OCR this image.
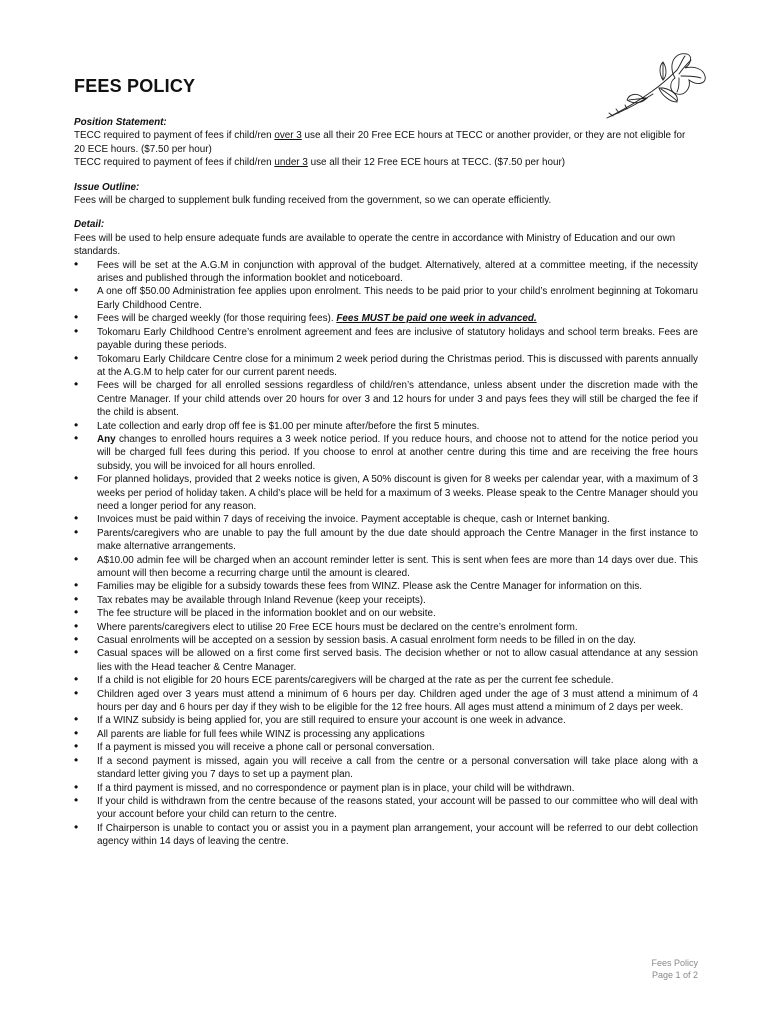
FEES POLICY

Position Statement:

TECC required to payment of fees if child/ren over 3 use all their 20 Free ECE hours at TECC or another provider, or they are not eligible for 20 ECE hours. ($7.50 per hour)

TECC required to payment of fees if child/ren under 3 use all their 12 Free ECE hours at TECC. ($7.50 per hour)

Issue Outline:

Fees will be charged to supplement bulk funding received from the government, so we can operate efficiently.

Detail:

Fees will be used to help ensure adequate funds are available to operate the centre in accordance with Ministry of Education and our own standards.

• Fees will be set at the A.G.M in conjunction with approval of the budget. Alternatively, altered at a committee meeting, if the necessity arises and published through the information booklet and noticeboard.
• A one off $50.00 Administration fee applies upon enrolment. This needs to be paid prior to your child’s enrolment beginning at Tokomaru Early Childhood Centre.
• Fees will be charged weekly (for those requiring fees). Fees MUST be paid one week in advanced.
• Tokomaru Early Childhood Centre’s enrolment agreement and fees are inclusive of statutory holidays and school term breaks. Fees are payable during these periods.
• Tokomaru Early Childcare Centre close for a minimum 2 week period during the Christmas period. This is discussed with parents annually at the A.G.M to help cater for our current parent needs.
• Fees will be charged for all enrolled sessions regardless of child/ren’s attendance, unless absent under the discretion made with the Centre Manager. If your child attends over 20 hours for over 3 and 12 hours for under 3 and pays fees they will still be charged the fee if the child is absent.
• Late collection and early drop off fee is $1.00 per minute after/before the first 5 minutes.
• Any changes to enrolled hours requires a 3 week notice period. If you reduce hours, and choose not to attend for the notice period you will be charged full fees during this period. If you choose to enrol at another centre during this time and are receiving the free hours subsidy, you will be invoiced for all hours enrolled.
• For planned holidays, provided that 2 weeks notice is given, A 50% discount is given for 8 weeks per calendar year, with a maximum of 3 weeks per period of holiday taken. A child’s place will be held for a maximum of 3 weeks. Please speak to the Centre Manager should you need a longer period for any reason.
• Invoices must be paid within 7 days of receiving the invoice. Payment acceptable is cheque, cash or Internet banking.
• Parents/caregivers who are unable to pay the full amount by the due date should approach the Centre Manager in the first instance to make alternative arrangements.
• A$10.00 admin fee will be charged when an account reminder letter is sent. This is sent when fees are more than 14 days over due. This amount will then become a recurring charge until the amount is cleared.
• Families may be eligible for a subsidy towards these fees from WINZ. Please ask the Centre Manager for information on this.
• Tax rebates may be available through Inland Revenue (keep your receipts).
• The fee structure will be placed in the information booklet and on our website.
• Where parents/caregivers elect to utilise 20 Free ECE hours must be declared on the centre’s enrolment form.
• Casual enrolments will be accepted on a session by session basis. A casual enrolment form needs to be filled in on the day.
• Casual spaces will be allowed on a first come first served basis. The decision whether or not to allow casual attendance at any session lies with the Head teacher & Centre Manager.
• If a child is not eligible for 20 hours ECE parents/caregivers will be charged at the rate as per the current fee schedule.
• Children aged over 3 years must attend a minimum of 6 hours per day. Children aged under the age of 3 must attend a minimum of 4 hours per day and 6 hours per day if they wish to be eligible for the 12 free hours. All ages must attend a minimum of 2 days per week.
• If a WINZ subsidy is being applied for, you are still required to ensure your account is one week in advance.
• All parents are liable for full fees while WINZ is processing any applications
• If a payment is missed you will receive a phone call or personal conversation.
• If a second payment is missed, again you will receive a call from the centre or a personal conversation will take place along with a standard letter giving you 7 days to set up a payment plan.
• If a third payment is missed, and no correspondence or payment plan is in place, your child will be withdrawn.
• If your child is withdrawn from the centre because of the reasons stated, your account will be passed to our committee who will deal with your account before your child can return to the centre.
• If Chairperson is unable to contact you or assist you in a payment plan arrangement, your account will be referred to our debt collection agency within 14 days of leaving the centre.
Fees Policy
Page 1 of 2
